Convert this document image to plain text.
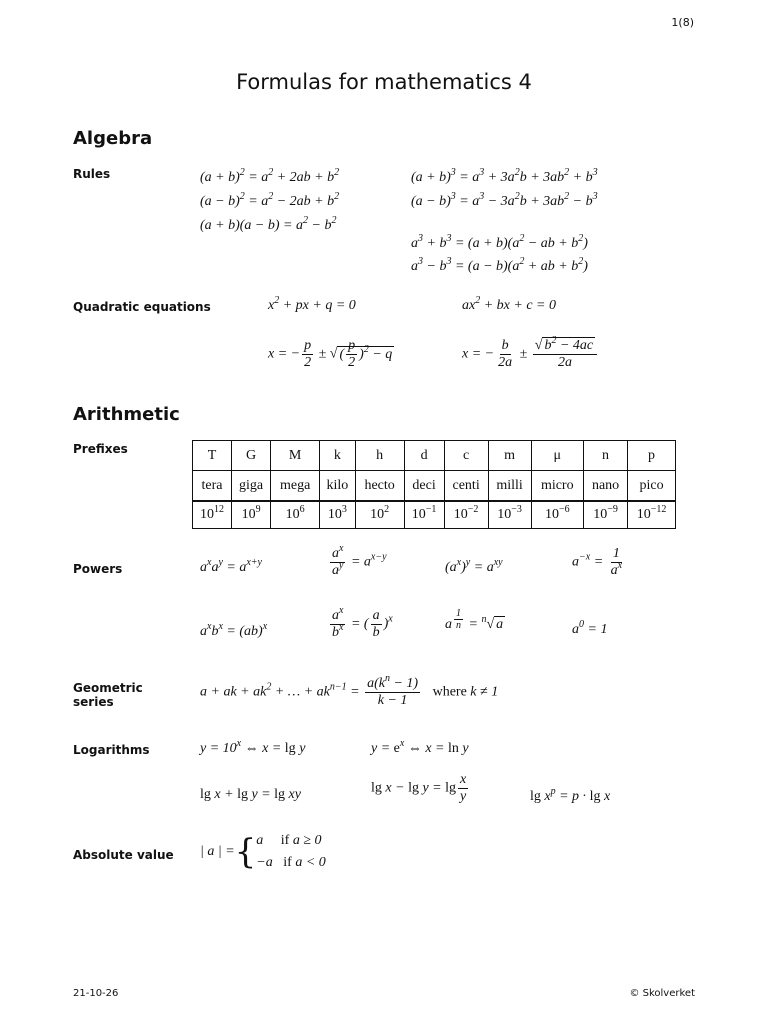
1(8)
Formulas for mathematics 4
Algebra
Rules	$(a + b)^2 = a^2 + 2ab + b^2$
$(a - b)^2 = a^2 - 2ab + b^2$
$(a + b)(a - b) = a^2 - b^2$
$(a + b)^3 = a^3 + 3a^2b + 3ab^2 + b^3$
$(a - b)^3 = a^3 - 3a^2b + 3ab^2 - b^3$
$a^3 + b^3 = (a + b)(a^2$ − ab + $b^2$)
$a^3 - b^3 = (a - b)(a^2$ + ab + $b^2$)
Quadratic equations	$x^2$ + px + q = 0	$ax^2$ + bx + c = 0
x = − $\frac{p}{2}$ ± √ ( $\frac{p}{2} )^2 - q$	x = − $\frac{b}{2a} \pm \frac{√ b^2 - 4ac}{2a}$
Arithmetic
Prefixes	T	G	M	k	h	d	c	m	μ	n	p
tera	giga	mega	kilo	hecto	deci	centi	milli	micro	nano	pico
$10^{12}$	$10^9$	$10^6$	$10^3$	$10^2$	$10^{-1}$	$10^{-2}$	$10^{-3}$	$10^{-6}$	$10^{-9}$	$10^{-12}$
Powers	$a^xa^y = a^{x+y}$	$\frac{a^x}{a^y} = a^{x-y}$
$(a^x)^y = a^{xy}$	$a^{-x} = \frac{1}{a^x}$
$a^xb^x = (ab)^x$	$\frac{a^x}{b^x}$ = ( $\frac{a}{b} )^x$	a $^{\frac{1}{n}}$ = $^n$√ a	$a^0 = 1$
Geometric series
a + ak + $ak^2$ + … + $ak^{n-1} = \frac{a(k^n - 1)}{k - 1}$ where k ≠ 1
Logarithms	$y = 10^x$ ⇔ x = lg y	$y = e^x$ ⇔ x = ln y
lg x + lg y = lg xy	$\lg x - \lg y = \lg \frac{x}{y}$	$\lg x^p = p \cdot \lg x$
Absolute value | a | = { a     if a ≥ 0
−a   if a < 0
21-10-26	© Skolverket
